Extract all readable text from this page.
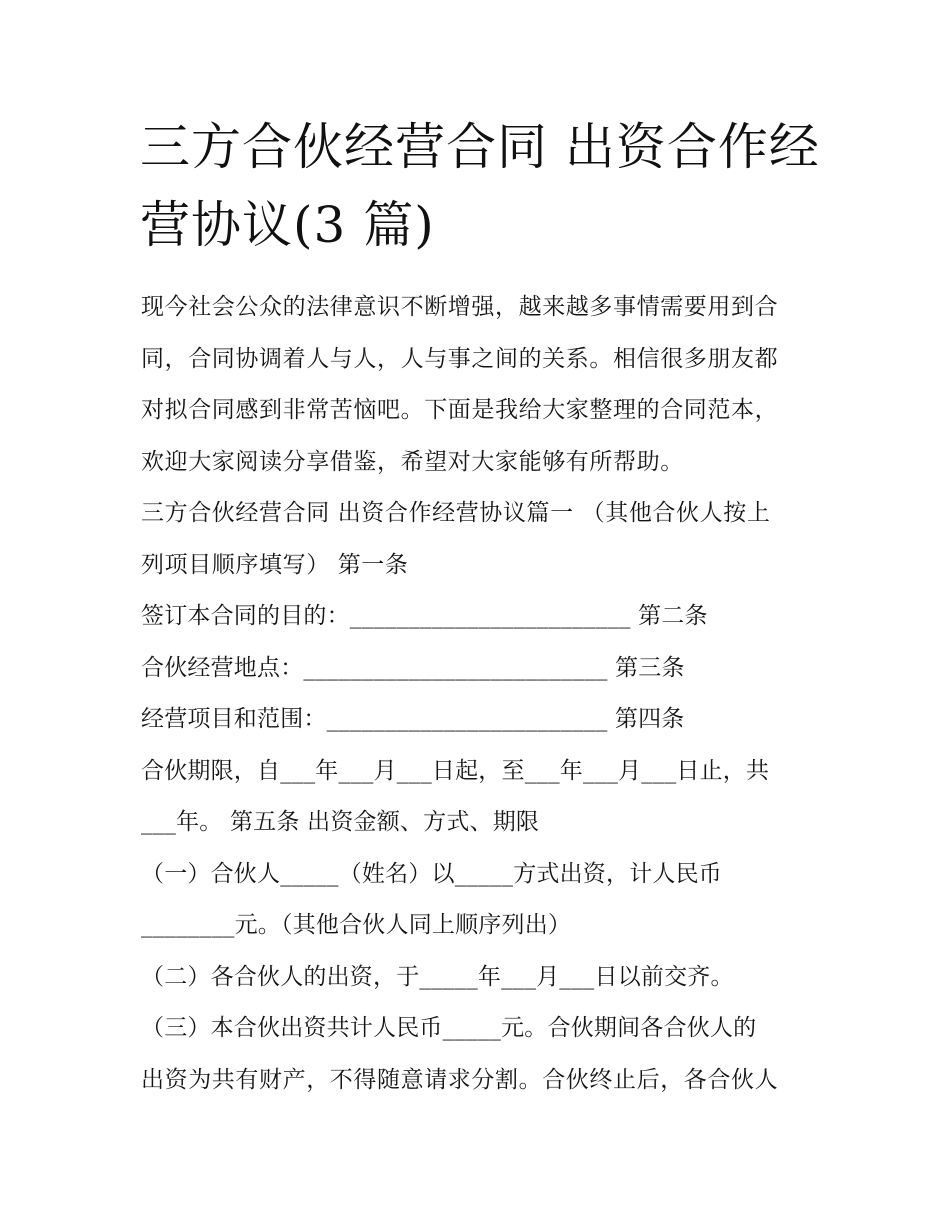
三方合伙经营合同 出资合作经
营协议(3 篇)
现今社会公众的法律意识不断增强，越来越多事情需要用到合
同，合同协调着人与人，人与事之间的关系。相信很多朋友都
对拟合同感到非常苦恼吧。下面是我给大家整理的合同范本，
欢迎大家阅读分享借鉴，希望对大家能够有所帮助。
三方合伙经营合同 出资合作经营协议篇一 （其他合伙人按上
列项目顺序填写） 第一条
签订本合同的目的：________________________ 第二条
合伙经营地点：__________________________ 第三条
经营项目和范围：________________________ 第四条
合伙期限，自___年___月___日起，至___年___月___日止，共
___年。 第五条 出资金额、方式、期限
（一）合伙人_____（姓名）以_____方式出资，计人民币
________元。（其他合伙人同上顺序列出）
（二）各合伙人的出资，于_____年___月___日以前交齐。
（三）本合伙出资共计人民币_____元。合伙期间各合伙人的
出资为共有财产，不得随意请求分割。合伙终止后，各合伙人
